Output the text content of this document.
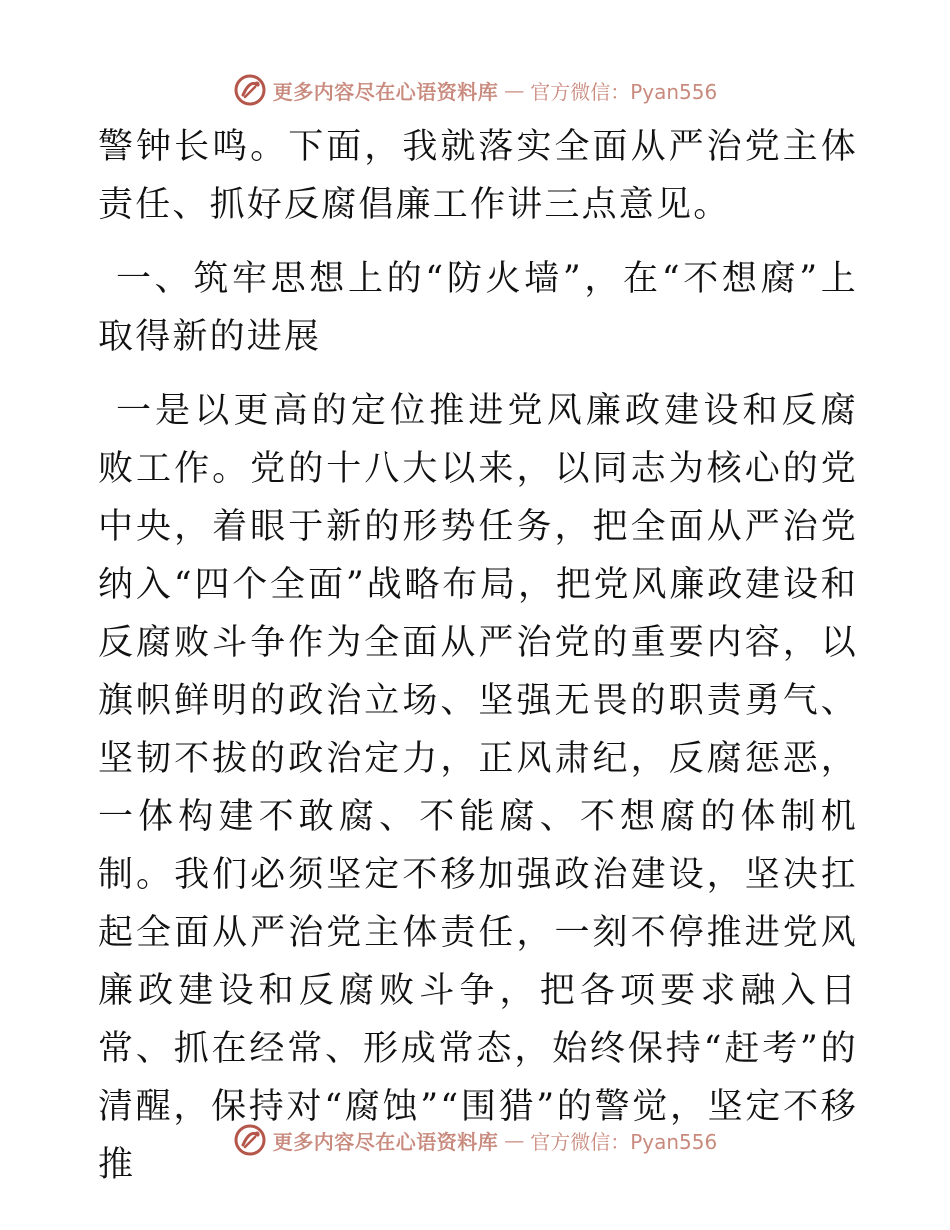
更多内容尽在心语资料库 — 官方微信：Pyan556

警钟长鸣。下面，我就落实全面从严治党主体责任、抓好反腐倡廉工作讲三点意见。

一、筑牢思想上的“防火墙”，在“不想腐”上取得新的进展

一是以更高的定位推进党风廉政建设和反腐败工作。党的十八大以来，以同志为核心的党中央，着眼于新的形势任务，把全面从严治党纳入“四个全面”战略布局，把党风廉政建设和反腐败斗争作为全面从严治党的重要内容，以旗帜鲜明的政治立场、坚强无畏的职责勇气、坚韧不拔的政治定力，正风肃纪，反腐惩恶，一体构建不敢腐、不能腐、不想腐的体制机制。我们必须坚定不移加强政治建设，坚决扛起全面从严治党主体责任，一刻不停推进党风廉政建设和反腐败斗争，把各项要求融入日常、抓在经常、形成常态，始终保持“赶考”的清醒，保持对“腐蚀”“围猎”的警觉，坚定不移推

更多内容尽在心语资料库 — 官方微信：Pyan556
